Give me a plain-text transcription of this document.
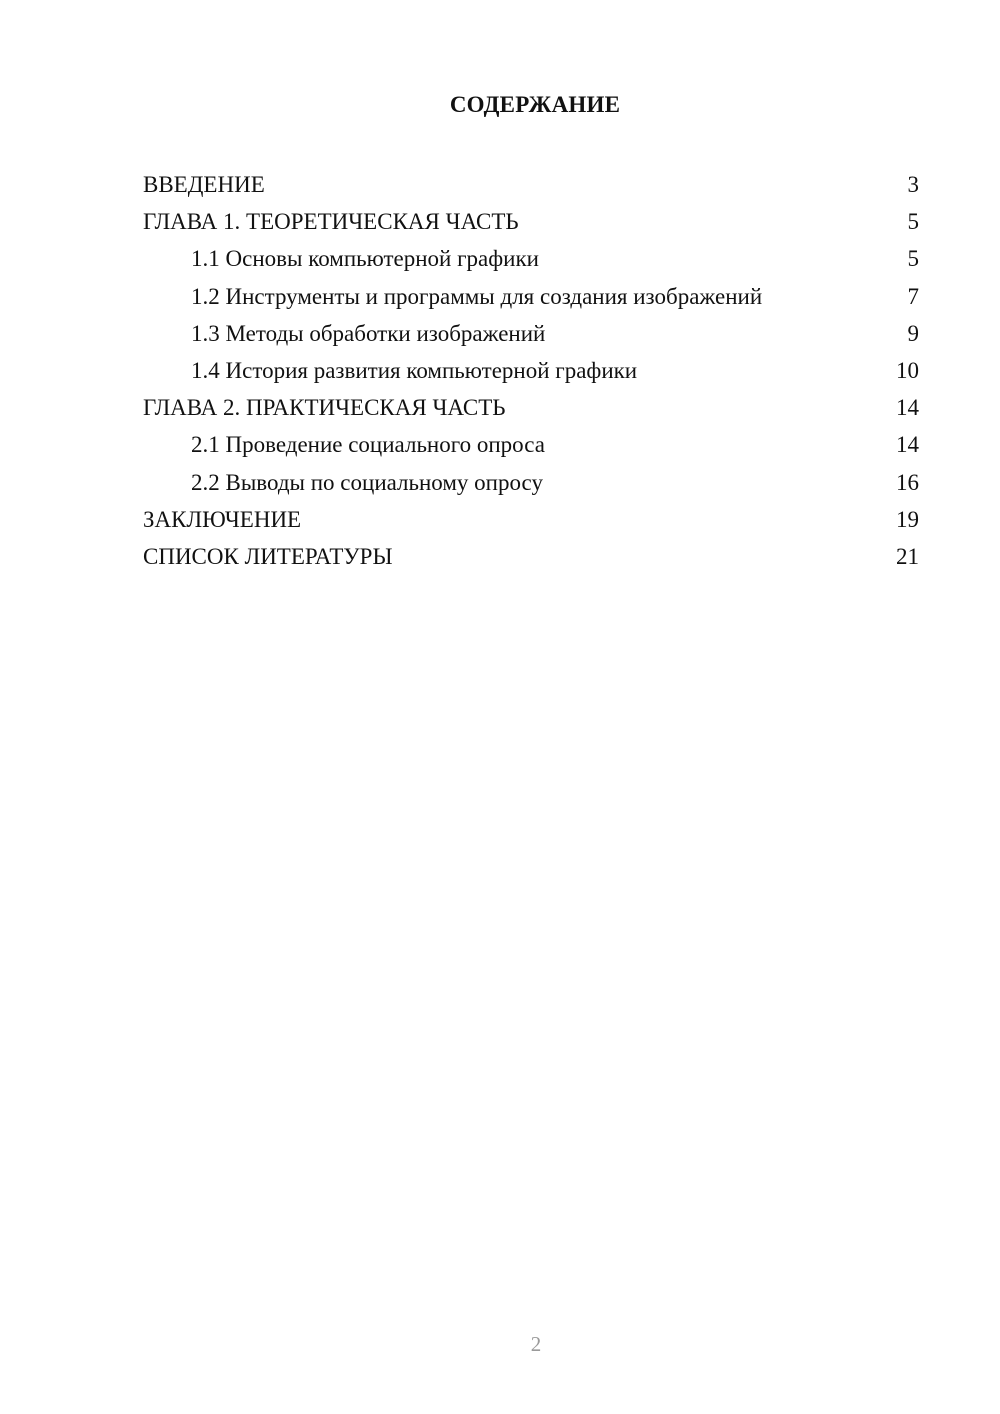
СОДЕРЖАНИЕ
ВВЕДЕНИЕ	3
ГЛАВА 1. ТЕОРЕТИЧЕСКАЯ ЧАСТЬ	5
1.1 Основы компьютерной графики	5
1.2 Инструменты и программы для создания изображений	7
1.3 Методы обработки изображений	9
1.4 История развития компьютерной графики	10
ГЛАВА 2. ПРАКТИЧЕСКАЯ ЧАСТЬ	14
2.1 Проведение социального опроса	14
2.2 Выводы по социальному опросу	16
ЗАКЛЮЧЕНИЕ	19
СПИСОК ЛИТЕРАТУРЫ	21
2
